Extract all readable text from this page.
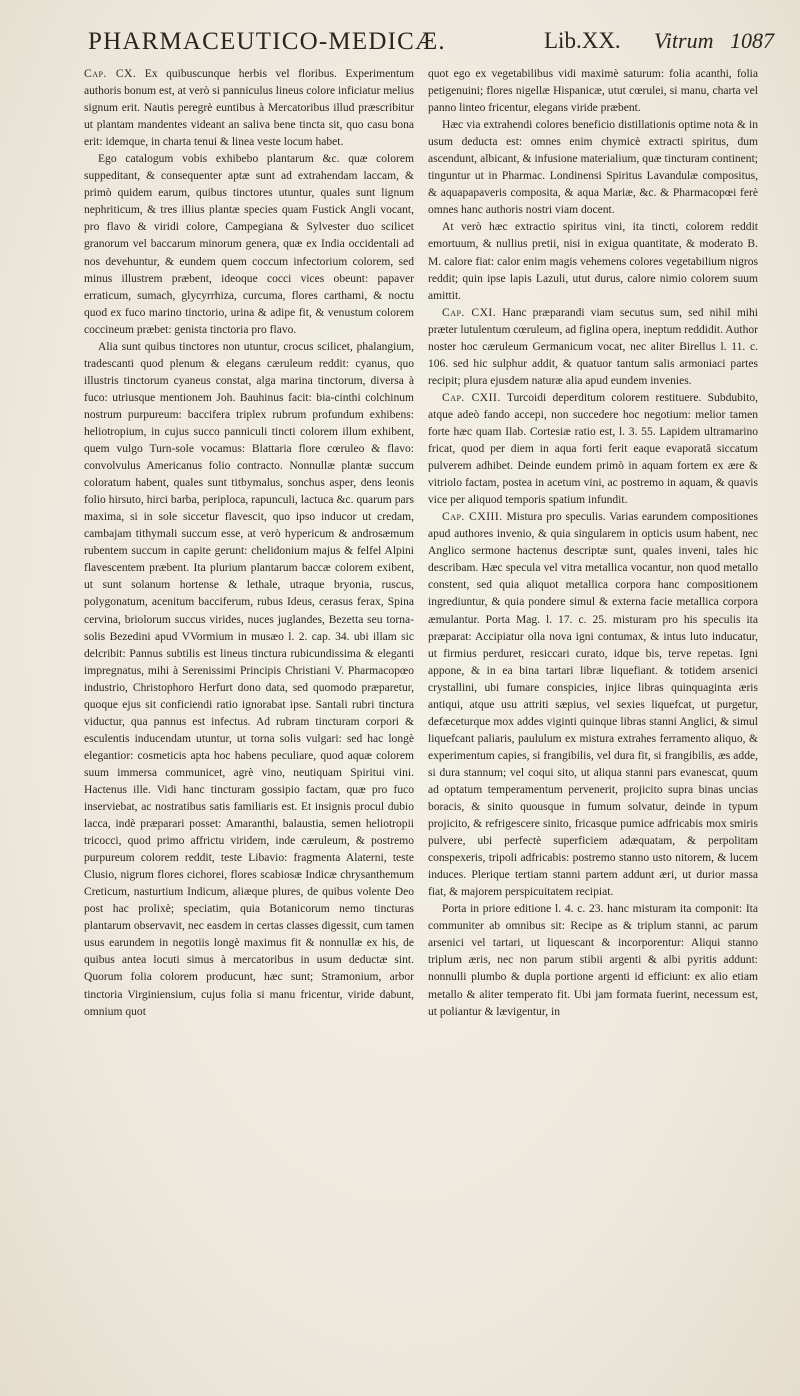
PHARMACEUTICO-MEDICÆ.	Lib.XX. Vitrum 1087

Cap. CX. Ex quibuscunque herbis vel floribus. Experimentum authoris bonum est, at verò si panniculus lineus colore inficiatur melius signum erit. Nautis peregrè euntibus à Mercatoribus illud præscribitur ut plantam mandentes videant an saliva bene tincta sit, quo casu bona erit: idemque, in charta tenui & linea veste locum habet.

Ego catalogum vobis exhibebo plantarum &c. quæ colorem suppeditant, & consequenter aptæ sunt ad extrahendam laccam, & primò quidem earum, quibus tinctores utuntur, quales sunt lignum nephriticum, & tres illius plantæ species quam Fustick Angli vocant, pro flavo & viridi colore, Campegiana & Sylvester duo scilicet granorum vel baccarum minorum genera, quæ ex India occidentali ad nos devehuntur, & eundem quem coccum infectorium colorem, sed minus illustrem præbent, ideoque cocci vices obeunt: papaver erraticum, sumach, glycyrrhiza, curcuma, flores carthami, & noctu quod ex fuco marino tinctorio, urina & adipe fit, & venustum colorem coccineum præbet: genista tinctoria pro flavo.

Alia sunt quibus tinctores non utuntur, crocus scilicet, phalangium, tradescanti quod plenum & elegans cæruleum reddit: cyanus, quo illustris tinctorum cyaneus constat, alga marina tinctorum, diversa à fuco: utriusque mentionem Joh. Bauhinus facit: bia-cinthi colchinum nostrum purpureum: baccifera triplex rubrum profundum exhibens: heliotropium, in cujus succo panniculi tincti colorem illum exhibent, quem vulgo Turn-sole vocamus: Blattaria flore cœruleo & flavo: convolvulus Americanus folio contracto. Nonnullæ plantæ succum coloratum habent, quales sunt titbymalus, sonchus asper, dens leonis folio hirsuto, hirci barba, periploca, rapunculi, lactuca &c. quarum pars maxima, si in sole siccetur flavescit, quo ipso inducor ut credam, cambajam tithymali succum esse, at verò hypericum & androsæmum rubentem succum in capite gerunt: chelidonium majus & felfel Alpini flavescentem præbent. Ita plurium plantarum baccæ colorem exibent, ut sunt solanum hortense & lethale, utraque bryonia, ruscus, polygonatum, acenitum bacciferum, rubus Ideus, cerasus ferax, Spina cervina, briolorum succus virides, nuces juglandes, Bezetta seu torna-solis Bezedini apud VVormium in musæo l. 2. cap. 34. ubi illam sic delcribit: Pannus subtilis est lineus tinctura rubicundissima & eleganti impregnatus, mihi à Serenissimi Principis Christiani V. Pharmacopœo industrio, Christophoro Herfurt dono data, sed quomodo præparetur, quoque ejus sit conficiendi ratio ignorabat ipse. Santali rubri tinctura viductur, qua pannus est infectus. Ad rubram tincturam corpori & esculentis inducendam utuntur, ut torna solis vulgari: sed hac longè elegantior: cosmeticis apta hoc habens peculiare, quod aquæ colorem suum immersa communicet, agrè vino, neutiquam Spiritui vini. Hactenus ille. Vidi hanc tincturam gossipio factam, quæ pro fuco inserviebat, ac nostratibus satis familiaris est. Et insignis procul dubio lacca, indè præparari posset: Amaranthi, balaustia, semen heliotropii tricocci, quod primo affrictu viridem, inde cæruleum, & postremo purpureum colorem reddit, teste Libavio: fragmenta Alaterni, teste Clusio, nigrum flores cichorei, flores scabiosæ Indicæ chrysanthemum Creticum, nasturtium Indicum, aliæque plures, de quibus volente Deo post hac prolixè; speciatim, quia Botanicorum nemo tincturas plantarum observavit, nec easdem in certas classes digessit, cum tamen usus earundem in negotiis longè maximus fit & nonnullæ ex his, de quibus antea locuti simus à mercatoribus in usum deductæ sint. Quorum folia colorem producunt, hæc sunt; Stramonium, arbor tinctoria Virginiensium, cujus folia si manu fricentur, viride dabunt, omnium quot

quot ego ex vegetabilibus vidi maximè saturum: folia acanthi, folia petigenuini; flores nigellæ Hispanicæ, utut cœrulei, si manu, charta vel panno linteo fricentur, elegans viride præbent.

Hæc via extrahendi colores beneficio distillationis optime nota & in usum deducta est: omnes enim chymicè extracti spiritus, dum ascendunt, albicant, & infusione materialium, quæ tincturam continent; tinguntur ut in Pharmac. Londinensi Spiritus Lavandulæ compositus, & aquapapaveris composita, & aqua Mariæ, &c. & Pharmacopœi ferè omnes hanc authoris nostri viam docent.

At verò hæc extractio spiritus vini, ita tincti, colorem reddit emortuum, & nullius pretii, nisi in exigua quantitate, & moderato B. M. calore fiat: calor enim magis vehemens colores vegetabilium nigros reddit; quin ipse lapis Lazuli, utut durus, calore nimio colorem suum amittit.

Cap. CXI. Hanc præparandi viam secutus sum, sed nihil mihi præter lutulentum cœruleum, ad figlina opera, ineptum reddidit. Author noster hoc cæruleum Germanicum vocat, nec aliter Birellus l. 11. c. 106. sed hic sulphur addit, & quatuor tantum salis armoniaci partes recipit; plura ejusdem naturæ alia apud eundem invenies.

Cap. CXII. Turcoidi deperditum colorem restituere. Subdubito, atque adeò fando accepi, non succedere hoc negotium: melior tamen forte hæc quam Ilab. Cortesiæ ratio est, l. 3. 55. Lapidem ultramarino fricat, quod per diem in aqua forti ferit eaque evaporatâ siccatum pulverem adhibet. Deinde eundem primò in aquam fortem ex ære & vitriolo factam, postea in acetum vini, ac postremo in aquam, & quavis vice per aliquod temporis spatium infundit.

Cap. CXIII. Mistura pro speculis. Varias earundem compositiones apud authores invenio, & quia singularem in opticis usum habent, nec Anglico sermone hactenus descriptæ sunt, quales inveni, tales hic describam. Hæc specula vel vitra metallica vocantur, non quod metallo constent, sed quia aliquot metallica corpora hanc compositionem ingrediuntur, & quia pondere simul & externa facie metallica corpora æmulantur. Porta Mag. l. 17. c. 25. misturam pro his speculis ita præparat: Accipiatur olla nova igni contumax, & intus luto inducatur, ut firmius perduret, resiccari curato, idque bis, terve repetas. Igni appone, & in ea bina tartari libræ liquefiant. & totidem arsenici crystallini, ubi fumare conspicies, injice libras quinquaginta æris antiqui, atque usu attriti sæpius, vel sexies liquefcat, ut purgetur, defæceturque mox addes viginti quinque libras stanni Anglici, & simul liquefcant paliaris, paululum ex mistura extrahes ferramento aliquo, & experimentum capies, si frangibilis, vel dura fit, si frangibilis, æs adde, si dura stannum; vel coqui sito, ut aliqua stanni pars evanescat, quum ad optatum temperamentum pervenerit, projicito supra binas uncias boracis, & sinito quousque in fumum solvatur, deinde in typum projicito, & refrigescere sinito, fricasque pumice adfricabis mox smiris pulvere, ubi perfectè superficiem adæquatam, & perpolitam conspexeris, tripoli adfricabis: postremo stanno usto nitorem, & lucem induces. Plerique tertiam stanni partem addunt æri, ut durior massa fiat, & majorem perspicuitatem recipiat.

Porta in priore editione l. 4. c. 23. hanc misturam ita componit: Ita communiter ab omnibus sit: Recipe as & triplum stanni, ac parum arsenici vel tartari, ut liquescant & incorporentur: Aliqui stanno triplum æris, nec non parum stibii argenti & albi pyritis addunt: nonnulli plumbo & dupla portione argenti id efficiunt: ex alio etiam metallo & aliter temperato fit. Ubi jam formata fuerint, necessum est, ut poliantur & lævigentur, in
